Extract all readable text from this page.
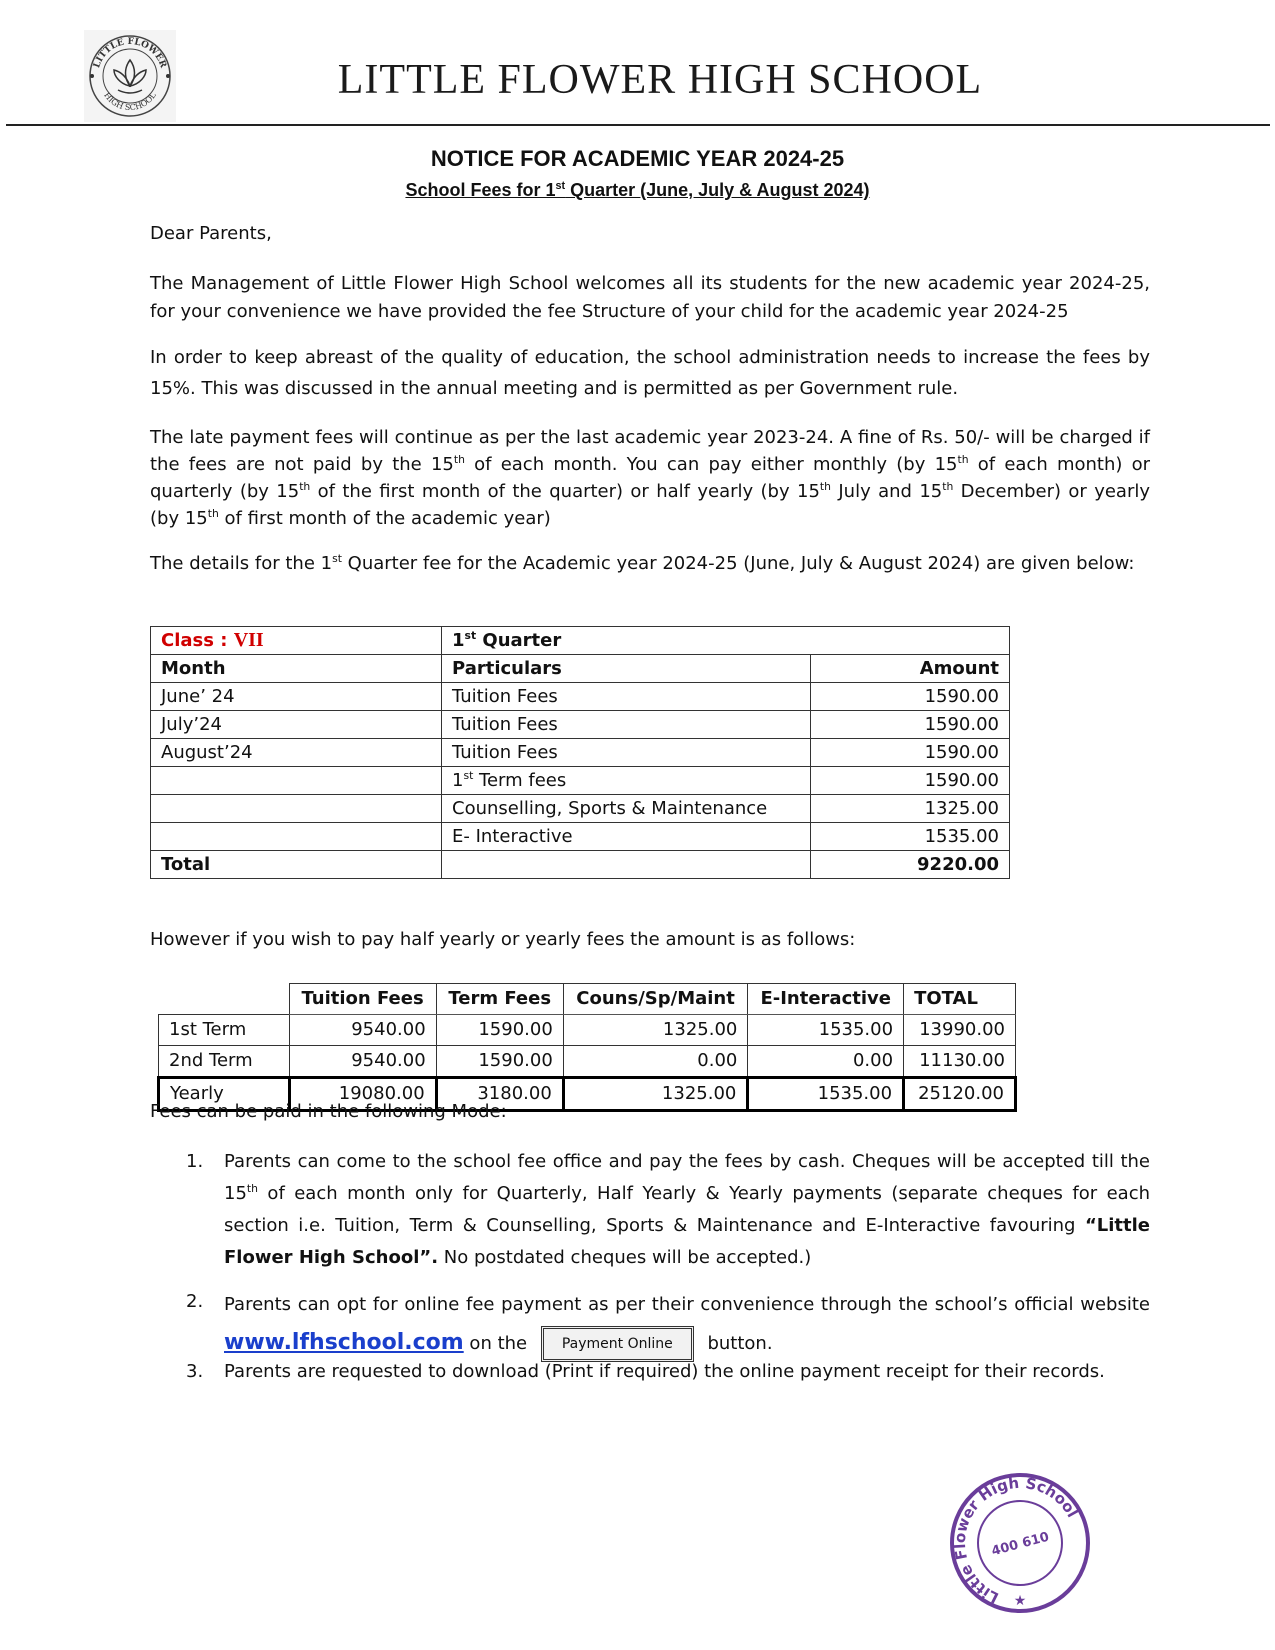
LITTLE FLOWER
HIGH SCHOOL	LITTLE FLOWER HIGH SCHOOL
NOTICE FOR ACADEMIC YEAR 2024-25
School Fees for 1st Quarter (June, July & August 2024)
Dear Parents,

The Management of Little Flower High School welcomes all its students for the new academic year 2024-25, for your convenience we have provided the fee Structure of your child for the academic year 2024-25

In order to keep abreast of the quality of education, the school administration needs to increase the fees by 15%. This was discussed in the annual meeting and is permitted as per Government rule.

The late payment fees will continue as per the last academic year 2023-24. A fine of Rs. 50/- will be charged if the fees are not paid by the 15th of each month. You can pay either monthly (by 15th of each month) or quarterly (by 15th of the first month of the quarter) or half yearly (by 15th July and 15th December) or yearly (by 15th of first month of the academic year)

The details for the 1st Quarter fee for the Academic year 2024-25 (June, July & August 2024) are given below:

Class : VII	1st Quarter	
Month	Particulars	Amount
June’ 24	Tuition Fees	1590.00
July’24	Tuition Fees	1590.00
August’24	Tuition Fees	1590.00
	1st Term fees	1590.00
	Counselling, Sports & Maintenance	1325.00
	E- Interactive	1535.00
Total		9220.00
However if you wish to pay half yearly or yearly fees the amount is as follows:
	Tuition Fees	Term Fees	Couns/Sp/Maint	E-Interactive	TOTAL
1st Term	9540.00	1590.00	1325.00	1535.00	13990.00
2nd Term	9540.00	1590.00	0.00	0.00	11130.00
Yearly	19080.00	3180.00	1325.00	1535.00	25120.00
Fees can be paid in the following Mode:
1. Parents can come to the school fee office and pay the fees by cash. Cheques will be accepted till the 15th of each month only for Quarterly, Half Yearly & Yearly payments (separate cheques for each section i.e. Tuition, Term & Counselling, Sports & Maintenance and E-Interactive favouring “Little Flower High School”. No postdated cheques will be accepted.)
2. Parents can opt for online fee payment as per their convenience through the school’s official website www.lfhschool.com on the Payment Online button.
3. Parents are requested to download (Print if required) the online payment receipt for their records.
Little Flower High School
400 610
★
